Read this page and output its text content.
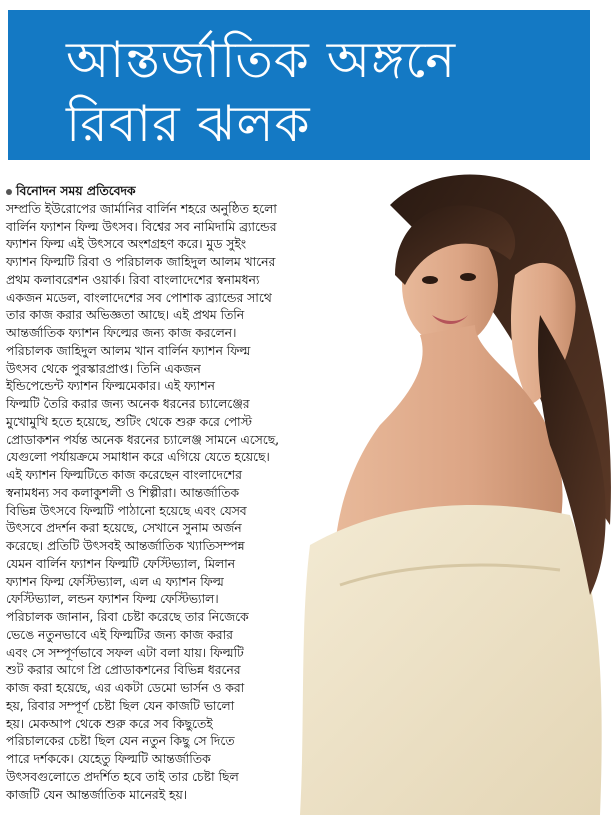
আন্তর্জাতিক অঙ্গনে
রিবার ঝলক
বিনোদন সময় প্রতিবেদক
সম্প্রতি ইউরোপের জার্মানির বার্লিন শহরে অনুষ্ঠিত হলো
বার্লিন ফ্যাশন ফিল্ম উৎসব। বিশ্বের সব নামিদামি ব্র্যান্ডের
ফ্যাশন ফিল্ম এই উৎসবে অংশগ্রহণ করে। মুড সুইং
ফ্যাশন ফিল্মটি রিবা ও পরিচালক জাহিদুল আলম খানের
প্রথম কলাবরেশন ওয়ার্ক। রিবা বাংলাদেশের স্বনামধন্য
একজন মডেল, বাংলাদেশের সব পোশাক ব্র্যান্ডের সাথে
তার কাজ করার অভিজ্ঞতা আছে। এই প্রথম তিনি
আন্তর্জাতিক ফ্যাশন ফিল্মের জন্য কাজ করলেন।
পরিচালক জাহিদুল আলম খান বার্লিন ফ্যাশন ফিল্ম
উৎসব থেকে পুরস্কারপ্রাপ্ত। তিনি একজন
ইন্ডিপেন্ডেন্ট ফ্যাশন ফিল্মমেকার। এই ফ্যাশন
ফিল্মটি তৈরি করার জন্য অনেক ধরনের চ্যালেঞ্জের
মুখোমুখি হতে হয়েছে, শুটিং থেকে শুরু করে পোস্ট
প্রোডাকশন পর্যন্ত অনেক ধরনের চ্যালেঞ্জ সামনে এসেছে,
যেগুলো পর্যায়ক্রমে সমাধান করে এগিয়ে যেতে হয়েছে।
এই ফ্যাশন ফিল্মটিতে কাজ করেছেন বাংলাদেশের
স্বনামধন্য সব কলাকুশলী ও শিল্পীরা। আন্তর্জাতিক
বিভিন্ন উৎসবে ফিল্মটি পাঠানো হয়েছে এবং যেসব
উৎসবে প্রদর্শন করা হয়েছে, সেখানে সুনাম অর্জন
করেছে। প্রতিটি উৎসবই আন্তর্জাতিক খ্যাতিসম্পন্ন
যেমন বার্লিন ফ্যাশন ফিল্মটি ফেস্টিভ্যাল, মিলান
ফ্যাশন ফিল্ম ফেস্টিভ্যাল, এল এ ফ্যাশন ফিল্ম
ফেস্টিভ্যাল, লন্ডন ফ্যাশন ফিল্ম ফেস্টিভ্যাল।
পরিচালক জানান, রিবা চেষ্টা করেছে তার নিজেকে
ভেঙে নতুনভাবে এই ফিল্মটির জন্য কাজ করার
এবং সে সম্পূর্ণভাবে সফল এটা বলা যায়। ফিল্মটি
শুট করার আগে প্রি প্রোডাকশনের বিভিন্ন ধরনের
কাজ করা হয়েছে, এর একটা ডেমো ভার্সন ও করা
হয়, রিবার সম্পূর্ণ চেষ্টা ছিল যেন কাজটি ভালো
হয়। মেকআপ থেকে শুরু করে সব কিছুতেই
পরিচালকের চেষ্টা ছিল যেন নতুন কিছু সে দিতে
পারে দর্শককে। যেহেতু ফিল্মটি আন্তর্জাতিক
উৎসবগুলোতে প্রদর্শিত হবে তাই তার চেষ্টা ছিল
কাজটি যেন আন্তর্জাতিক মানেরই হয়।
